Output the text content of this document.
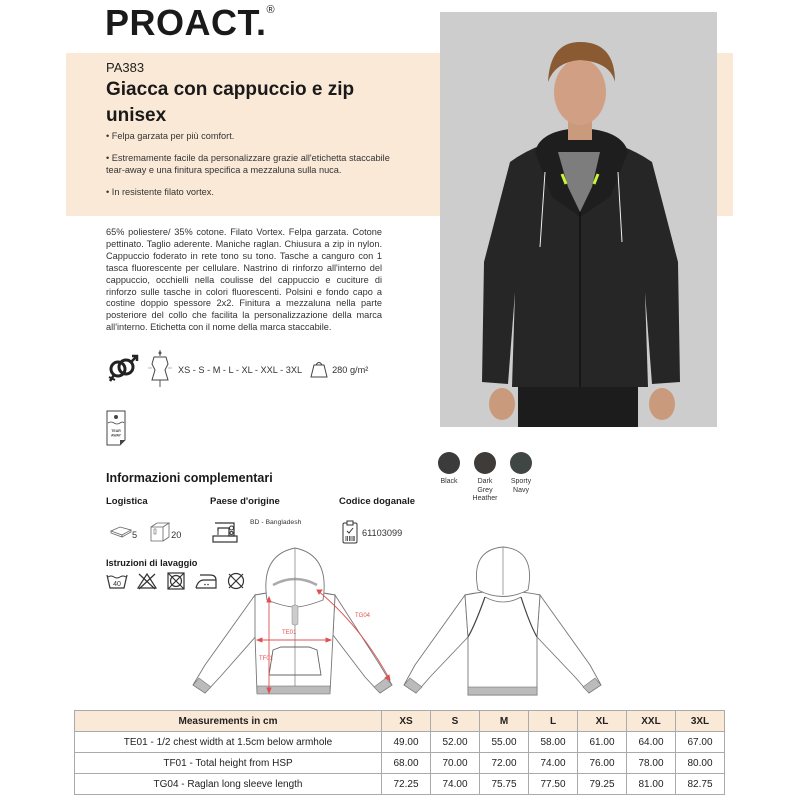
PROACT.®
PA383
Giacca con cappuccio e zip unisex

• Felpa garzata per più comfort.

• Estremamente facile da personalizzare grazie all'etichetta staccabile tear-away e una finitura specifica a mezzaluna sulla nuca.

• In resistente filato vortex.

65% poliestere/ 35% cotone. Filato Vortex. Felpa garzata. Cotone pettinato. Taglio aderente. Maniche raglan. Chiusura a zip in nylon. Cappuccio foderato in rete tono su tono. Tasche a canguro con 1 tasca fluorescente per cellulare. Nastrino di rinforzo all'interno del cappuccio, occhielli nella coulisse del cappuccio e cuciture di rinforzo sulle tasche in colori fluorescenti. Polsini e fondo capo a costine doppio spessore 2x2. Finitura a mezzaluna nella parte posteriore del collo che facilita la personalizzazione della marca all'interno. Etichetta con il nome della marca staccabile.
XS - S - M - L - XL - XXL - 3XL	280 g/m²
TEAR
AWAY
Black	Dark Grey Heather
Sporty Navy
Informazioni complementari
Logistica	Paese d'origine	Codice doganale
5	20
BD - Bangladesh
61103099
Istruzioni di lavaggio
40
TE01
TF01
TG04
Measurements in cm	XS	S	M	L	XL	XXL	3XL
TE01 - 1/2 chest width at 1.5cm below armhole	49.00	52.00	55.00	58.00	61.00	64.00	67.00
TF01 - Total height from HSP	68.00	70.00	72.00	74.00	76.00	78.00	80.00
TG04 - Raglan long sleeve length	72.25	74.00	75.75	77.50	79.25	81.00	82.75
